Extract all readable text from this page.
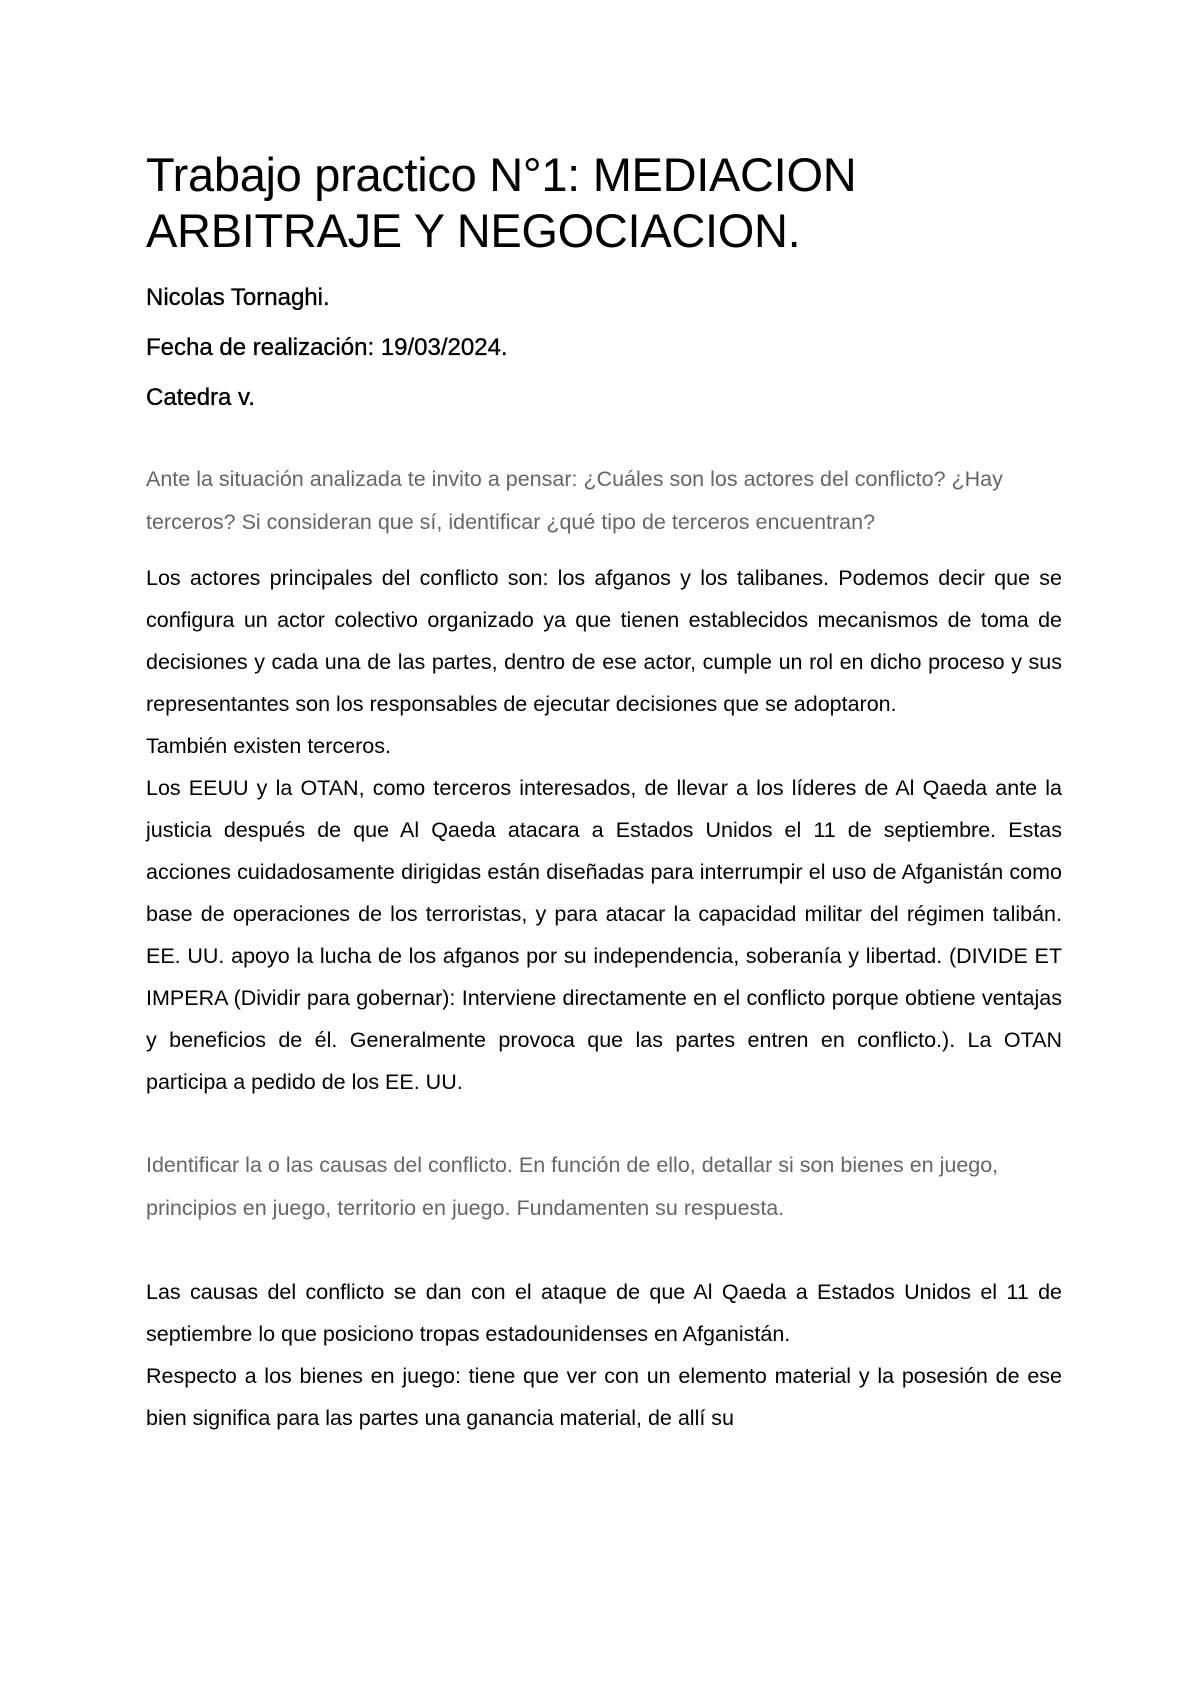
Trabajo practico N°1: MEDIACION ARBITRAJE Y NEGOCIACION.

Nicolas Tornaghi.

Fecha de realización: 19/03/2024.

Catedra v.

Ante la situación analizada te invito a pensar: ¿Cuáles son los actores del conflicto? ¿Hay terceros? Si consideran que sí, identificar ¿qué tipo de terceros encuentran?

Los actores principales del conflicto son: los afganos y los talibanes. Podemos decir que se configura un actor colectivo organizado ya que tienen establecidos mecanismos de toma de decisiones y cada una de las partes, dentro de ese actor, cumple un rol en dicho proceso y sus representantes son los responsables de ejecutar decisiones que se adoptaron.

También existen terceros.

Los EEUU y la OTAN, como terceros interesados, de llevar a los líderes de Al Qaeda ante la justicia después de que Al Qaeda atacara a Estados Unidos el 11 de septiembre. Estas acciones cuidadosamente dirigidas están diseñadas para interrumpir el uso de Afganistán como base de operaciones de los terroristas, y para atacar la capacidad militar del régimen talibán. EE. UU. apoyo la lucha de los afganos por su independencia, soberanía y libertad. (DIVIDE ET IMPERA (Dividir para gobernar): Interviene directamente en el conflicto porque obtiene ventajas y beneficios de él. Generalmente provoca que las partes entren en conflicto.). La OTAN participa a pedido de los EE. UU.

Identificar la o las causas del conflicto. En función de ello, detallar si son bienes en juego, principios en juego, territorio en juego. Fundamenten su respuesta.

Las causas del conflicto se dan con el ataque de que Al Qaeda a Estados Unidos el 11 de septiembre lo que posiciono tropas estadounidenses en Afganistán.

Respecto a los bienes en juego: tiene que ver con un elemento material y la posesión de ese bien significa para las partes una ganancia material, de allí su
